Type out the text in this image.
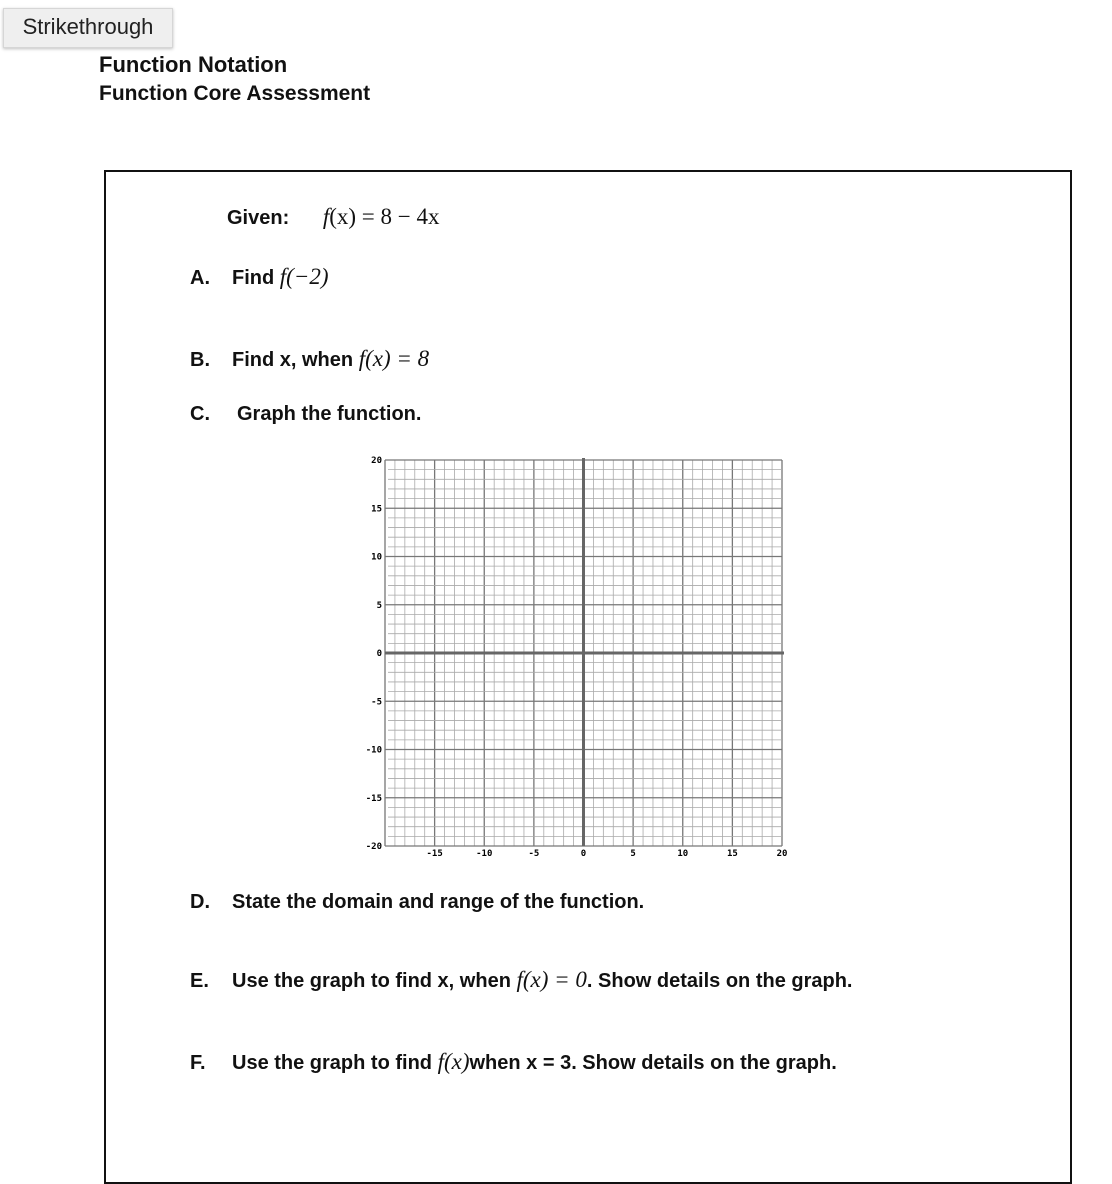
Function Notation
Function Core Assessment
Strikethrough
Given: f(x) = 8 − 4x
A. Find f(−2)
B. Find x, when f(x) = 8
C. Graph the function.
20
15
10
5
0
-5
-10
-15
-20
-15	-10	-5	0	5	10	15	20
D. State the domain and range of the function.
E. Use the graph to find x, when f(x) = 0. Show details on the graph.
F. Use the graph to find f(x)when x = 3. Show details on the graph.
